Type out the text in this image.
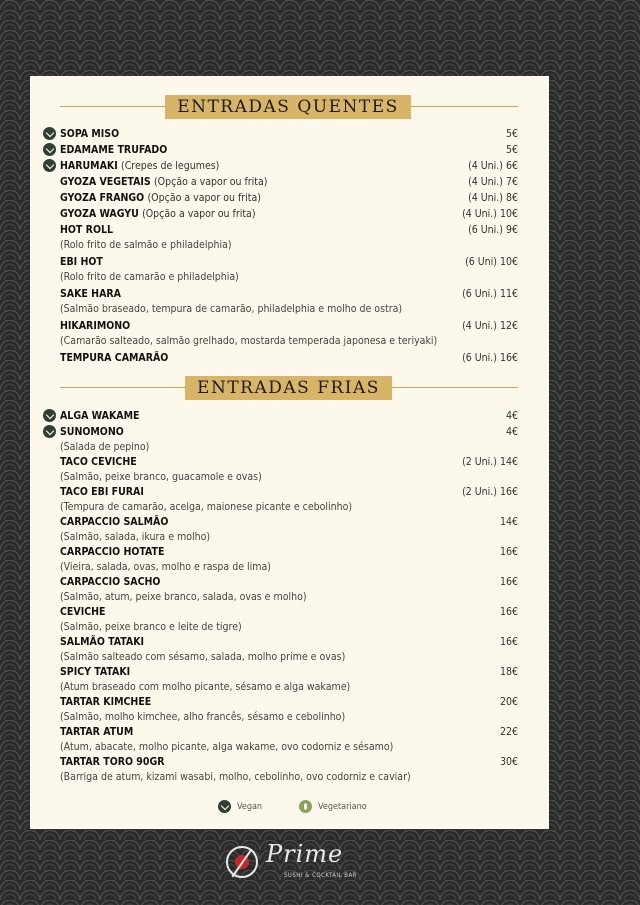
ENTRADAS QUENTES
SOPA MISO	5€
EDAMAME TRUFADO	5€
HARUMAKI (Crepes de legumes)	(4 Uni.) 6€
GYOZA VEGETAIS (Opção a vapor ou frita)	(4 Uni.) 7€
GYOZA FRANGO (Opção a vapor ou frita)	(4 Uni.) 8€
GYOZA WAGYU (Opção a vapor ou frita)	(4 Uni.) 10€
HOT ROLL	(6 Uni.) 9€
(Rolo frito de salmão e philadelphia)
EBI HOT	(6 Uni) 10€
(Rolo frito de camarão e philadelphia)
SAKE HARA	(6 Uni.) 11€
(Salmão braseado, tempura de camarão, philadelphia e molho de ostra)
HIKARIMONO	(4 Uni.) 12€
(Camarão salteado, salmão grelhado, mostarda temperada japonesa e teriyaki)
TEMPURA CAMARÃO	(6 Uni.) 16€
ENTRADAS FRIAS
ALGA WAKAME	4€
SUNOMONO	4€
(Salada de pepino)
TACO CEVICHE	(2 Uni.) 14€
(Salmão, peixe branco, guacamole e ovas)
TACO EBI FURAI	(2 Uni.) 16€
(Tempura de camarão, acelga, maionese picante e cebolinho)
CARPACCIO SALMÃO	14€
(Salmão, salada, ikura e molho)
CARPACCIO HOTATE	16€
(Vieira, salada, ovas, molho e raspa de lima)
CARPACCIO SACHO	16€
(Salmão, atum, peixe branco, salada, ovas e molho)
CEVICHE	16€
(Salmão, peixe branco e leite de tigre)
SALMÃO TATAKI	16€
(Salmão salteado com sésamo, salada, molho prime e ovas)
SPICY TATAKI	18€
(Atum braseado com molho picante, sésamo e alga wakame)
TARTAR KIMCHEE	20€
(Salmão, molho kimchee, alho francês, sésamo e cebolinho)
TARTAR ATUM	22€
(Atum, abacate, molho picante, alga wakame, ovo codorniz e sésamo)
TARTAR TORO 90GR	30€
(Barriga de atum, kizami wasabi, molho, cebolinho, ovo codorniz e caviar)
Vegan	Vegetariano
Prime
SUSHI & COCKTAIL BAR
